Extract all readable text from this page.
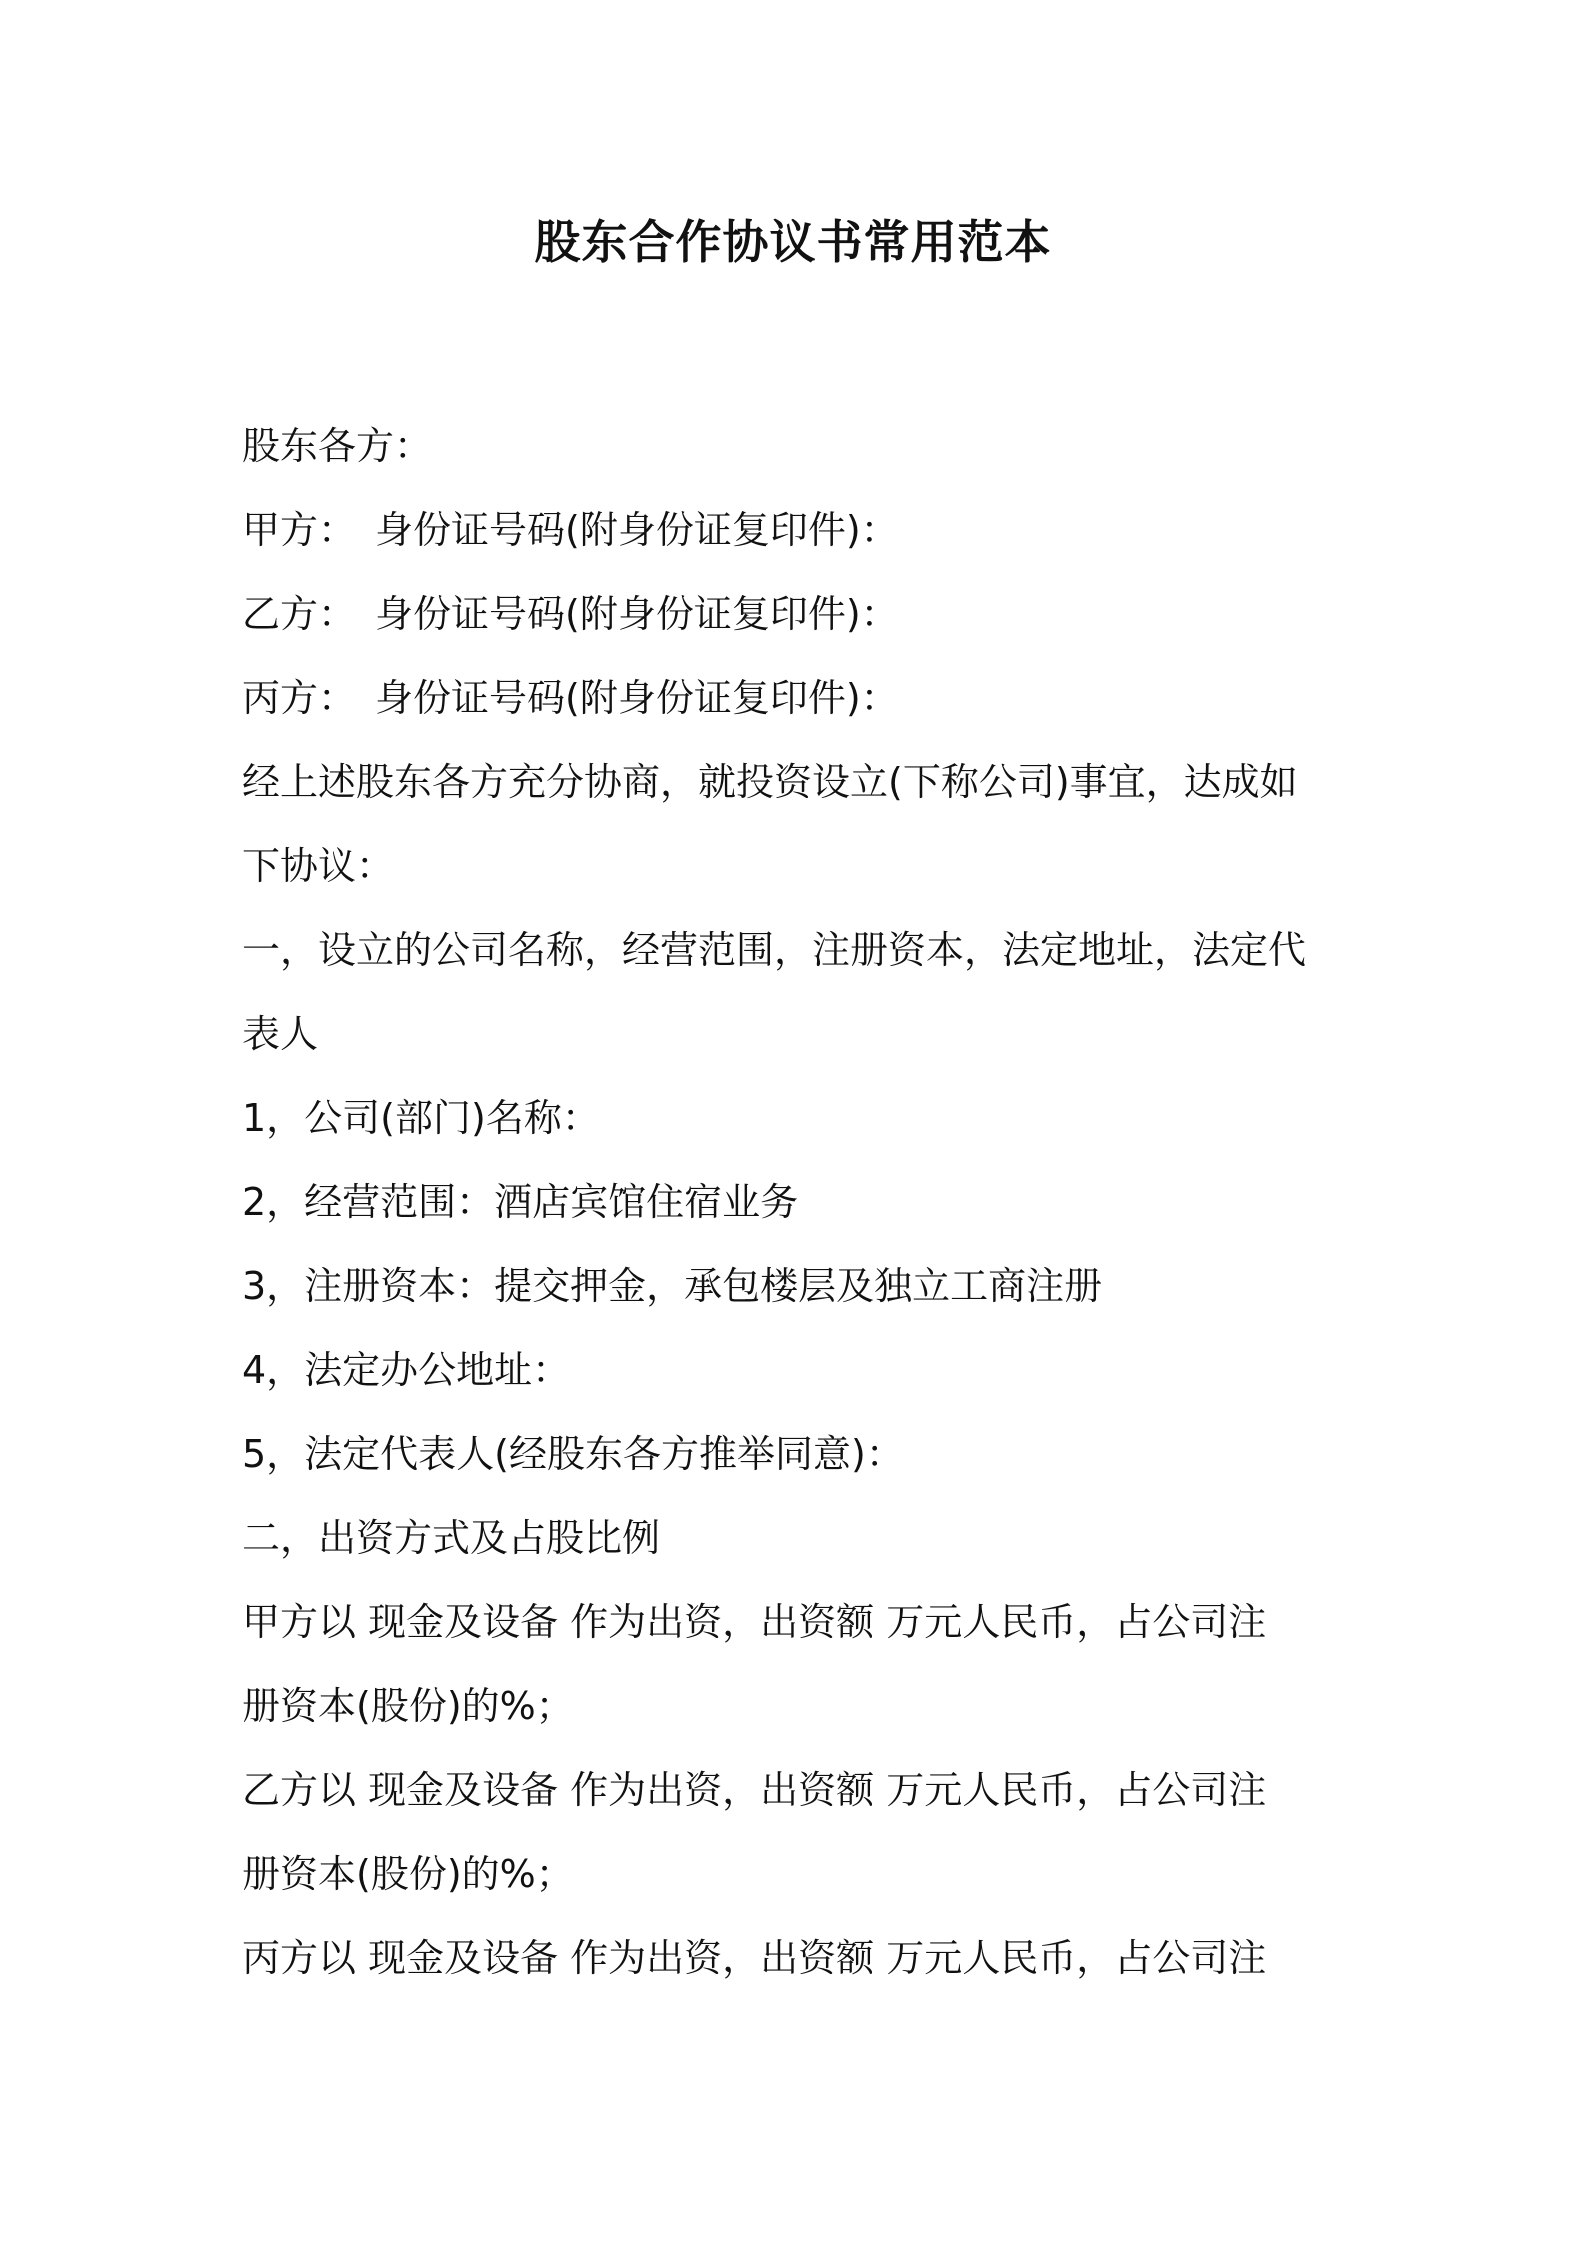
股东合作协议书常用范本

股东各方：

甲方：　身份证号码(附身份证复印件)：

乙方：　身份证号码(附身份证复印件)：

丙方：　身份证号码(附身份证复印件)：

经上述股东各方充分协商，就投资设立(下称公司)事宜，达成如

下协议：

一，设立的公司名称，经营范围，注册资本，法定地址，法定代

表人

1，公司(部门)名称：

2，经营范围：酒店宾馆住宿业务

3，注册资本：提交押金，承包楼层及独立工商注册

4，法定办公地址：

5，法定代表人(经股东各方推举同意)：

二，出资方式及占股比例

甲方以 现金及设备 作为出资，出资额 万元人民币，占公司注

册资本(股份)的%；

乙方以 现金及设备 作为出资，出资额 万元人民币，占公司注

册资本(股份)的%；

丙方以 现金及设备 作为出资，出资额 万元人民币，占公司注
